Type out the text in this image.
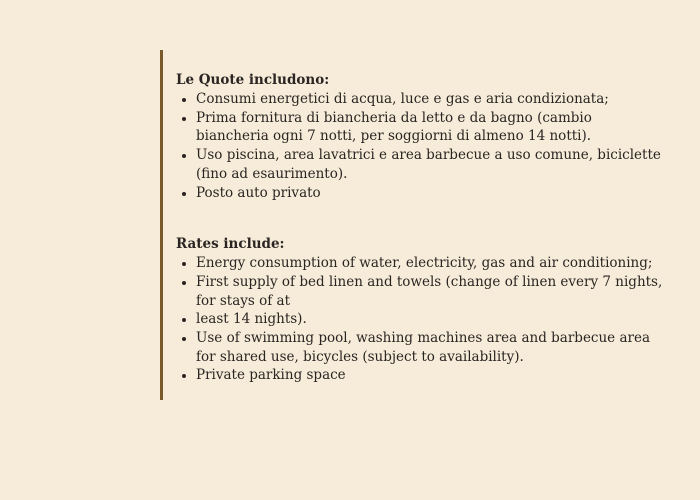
Le Quote includono:

Consumi energetici di acqua, luce e gas e aria condizionata;
Prima fornitura di biancheria da letto e da bagno (cambio biancheria ogni 7 notti, per soggiorni di almeno 14 notti).
Uso piscina, area lavatrici e area barbecue a uso comune, biciclette (fino ad esaurimento).
Posto auto privato

Rates include:

Energy consumption of water, electricity, gas and air conditioning;
First supply of bed linen and towels (change of linen every 7 nights, for stays of at
least 14 nights).
Use of swimming pool, washing machines area and barbecue area for shared use, bicycles (subject to availability).
Private parking space
